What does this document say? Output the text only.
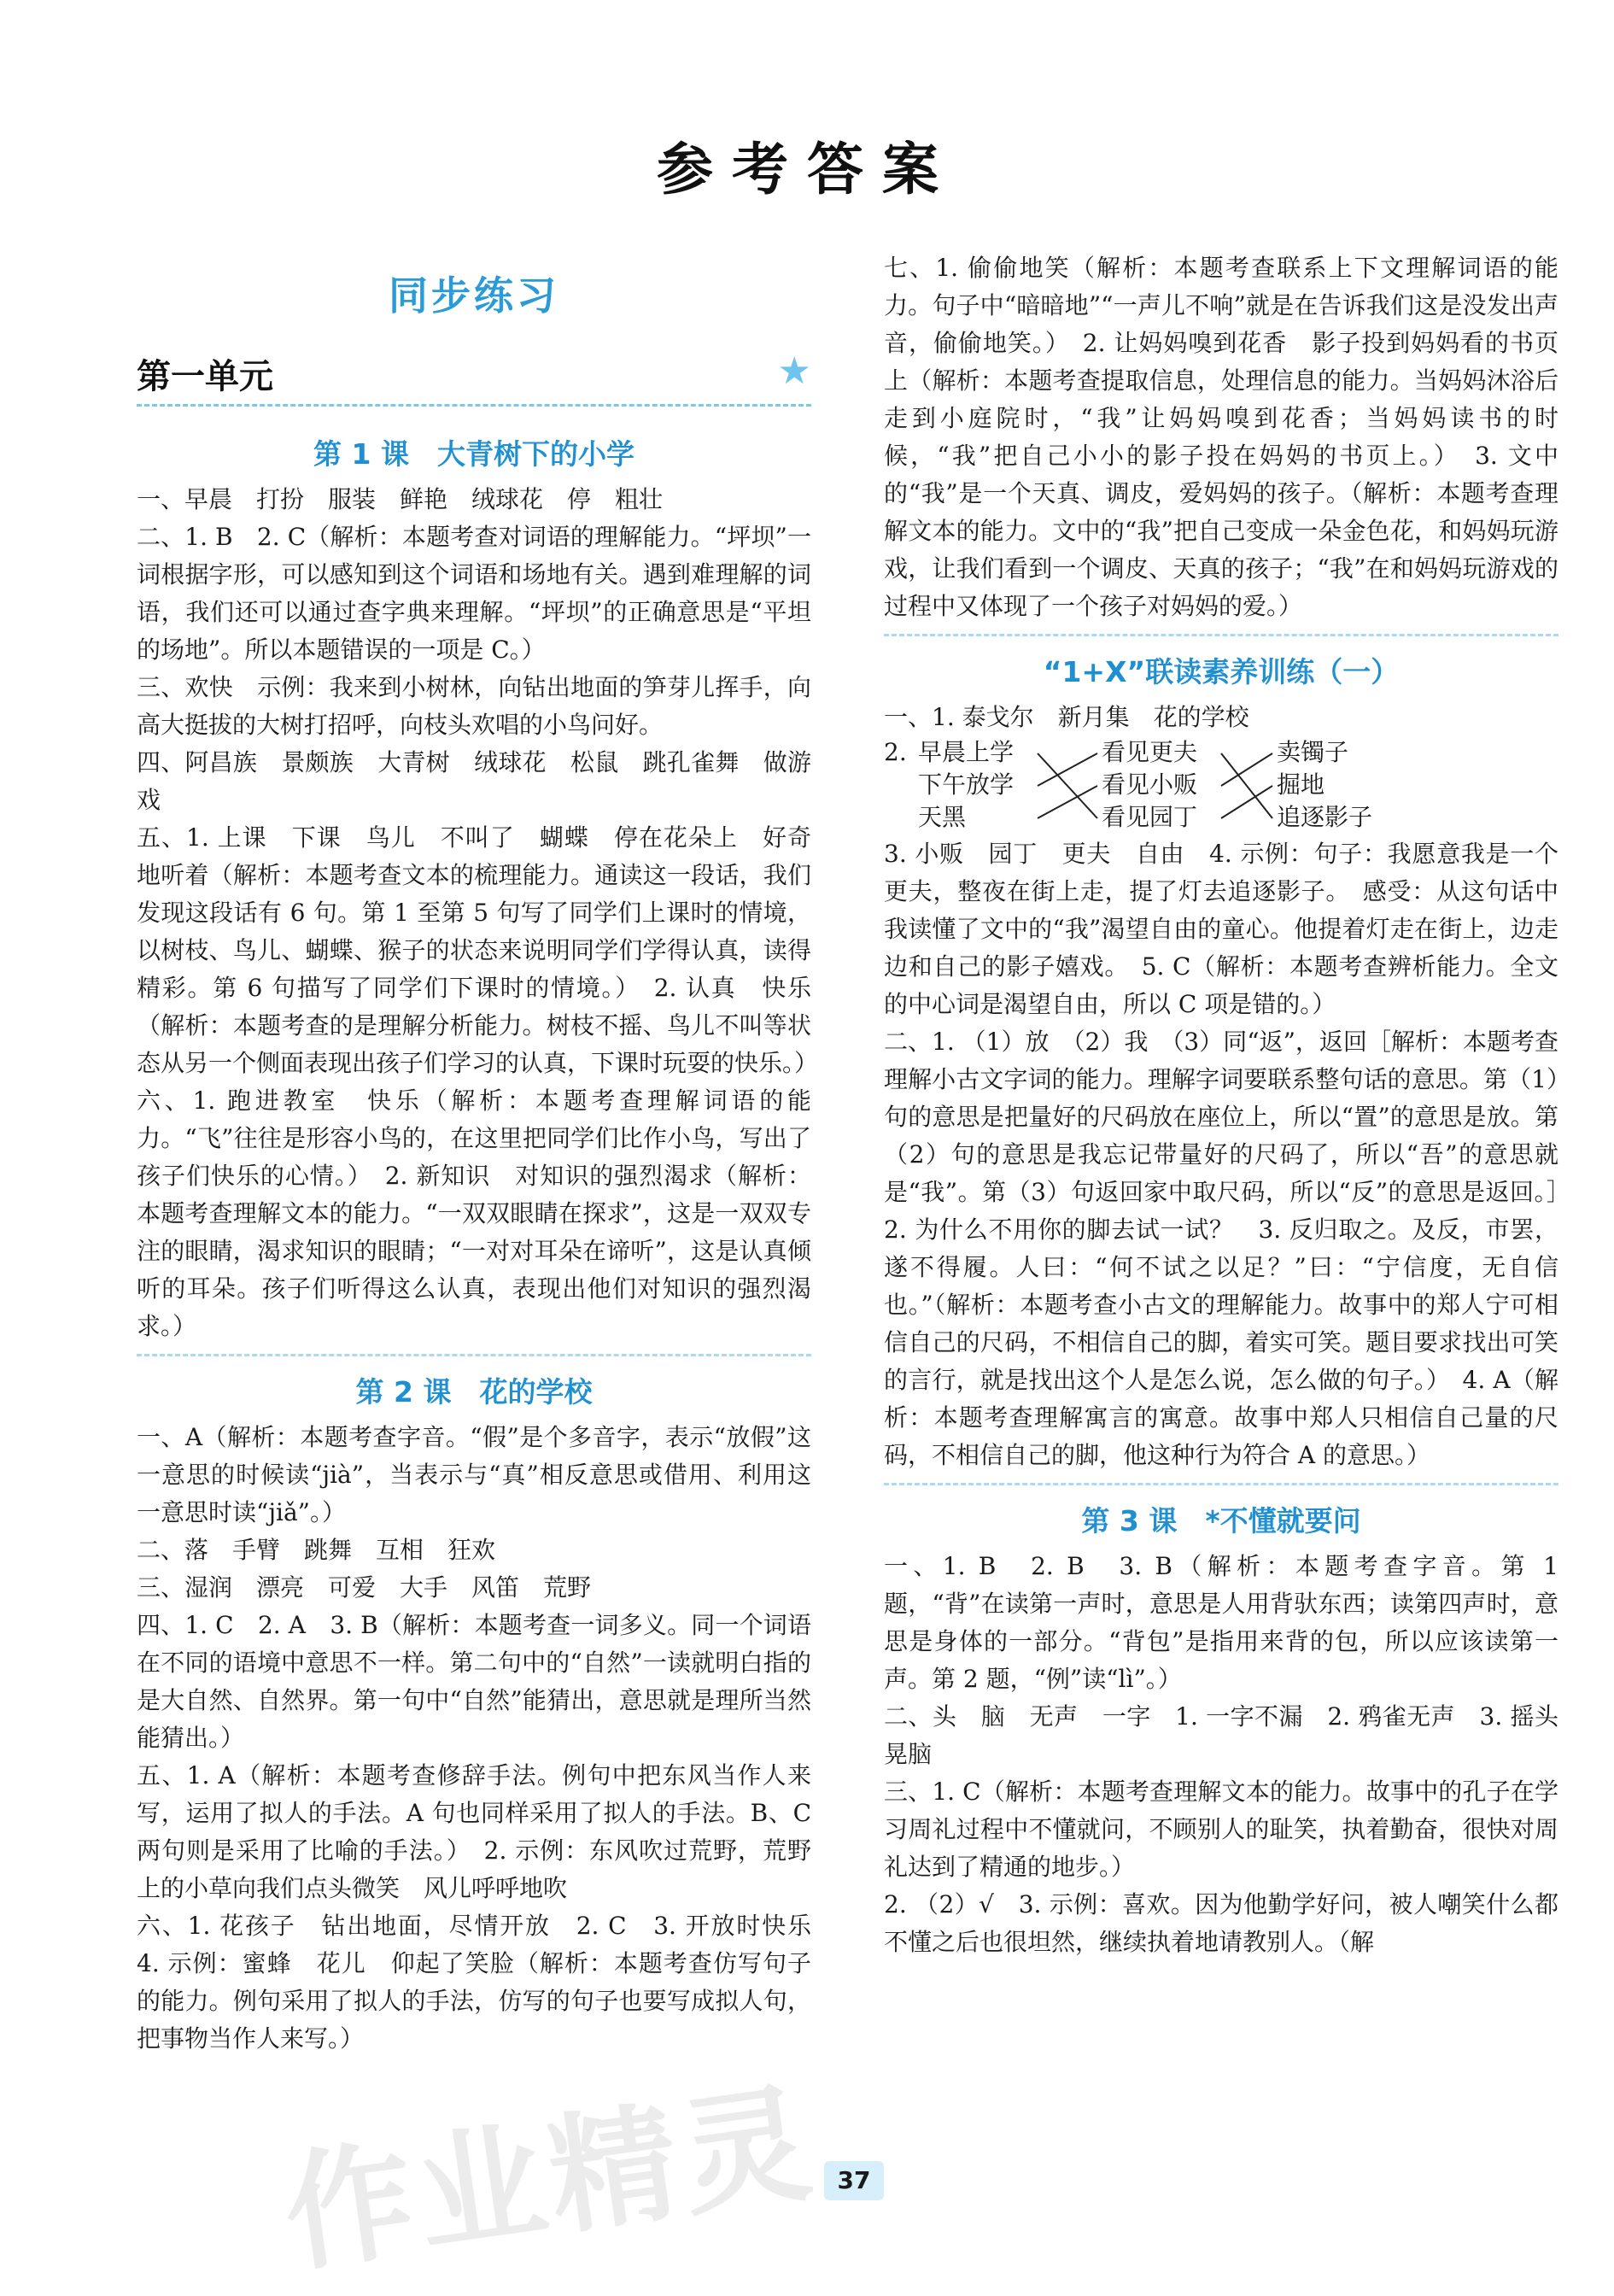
参考答案
同步练习
第一单元	★
第 1 课　大青树下的小学

一、早晨　打扮　服装　鲜艳　绒球花　停　粗壮

二、1. B　2. C（解析：本题考查对词语的理解能力。“坪坝”一词根据字形，可以感知到这个词语和场地有关。遇到难理解的词语，我们还可以通过查字典来理解。“坪坝”的正确意思是“平坦的场地”。所以本题错误的一项是 C。）

三、欢快　示例：我来到小树林，向钻出地面的笋芽儿挥手，向高大挺拔的大树打招呼，向枝头欢唱的小鸟问好。

四、阿昌族　景颇族　大青树　绒球花　松鼠　跳孔雀舞　做游戏

五、1. 上课　下课　鸟儿　不叫了　蝴蝶　停在花朵上　好奇地听着（解析：本题考查文本的梳理能力。通读这一段话，我们发现这段话有 6 句。第 1 至第 5 句写了同学们上课时的情境，以树枝、鸟儿、蝴蝶、猴子的状态来说明同学们学得认真，读得精彩。第 6 句描写了同学们下课时的情境。）　2. 认真　快乐（解析：本题考查的是理解分析能力。树枝不摇、鸟儿不叫等状态从另一个侧面表现出孩子们学习的认真，下课时玩耍的快乐。）

六、1. 跑进教室　快乐（解析：本题考查理解词语的能力。“飞”往往是形容小鸟的，在这里把同学们比作小鸟，写出了孩子们快乐的心情。）　2. 新知识　对知识的强烈渴求（解析：本题考查理解文本的能力。“一双双眼睛在探求”，这是一双双专注的眼睛，渴求知识的眼睛；“一对对耳朵在谛听”，这是认真倾听的耳朵。孩子们听得这么认真，表现出他们对知识的强烈渴求。）

第 2 课　花的学校

一、A（解析：本题考查字音。“假”是个多音字，表示“放假”这一意思的时候读“jià”，当表示与“真”相反意思或借用、利用这一意思时读“jiǎ”。）

二、落　手臂　跳舞　互相　狂欢

三、湿润　漂亮　可爱　大手　风笛　荒野

四、1. C　2. A　3. B（解析：本题考查一词多义。同一个词语在不同的语境中意思不一样。第二句中的“自然”一读就明白指的是大自然、自然界。第一句中“自然”能猜出，意思就是理所当然能猜出。）

五、1. A（解析：本题考查修辞手法。例句中把东风当作人来写，运用了拟人的手法。A 句也同样采用了拟人的手法。B、C 两句则是采用了比喻的手法。）　2. 示例：东风吹过荒野，荒野上的小草向我们点头微笑　风儿呼呼地吹

六、1. 花孩子　钻出地面，尽情开放　2. C　3. 开放时快乐　4. 示例：蜜蜂　花儿　仰起了笑脸（解析：本题考查仿写句子的能力。例句采用了拟人的手法，仿写的句子也要写成拟人句，把事物当作人来写。）

七、1. 偷偷地笑（解析：本题考查联系上下文理解词语的能力。句子中“暗暗地”“一声儿不响”就是在告诉我们这是没发出声音，偷偷地笑。）　2. 让妈妈嗅到花香　影子投到妈妈看的书页上（解析：本题考查提取信息，处理信息的能力。当妈妈沐浴后走到小庭院时，“我”让妈妈嗅到花香；当妈妈读书的时候，“我”把自己小小的影子投在妈妈的书页上。）　3. 文中的“我”是一个天真、调皮，爱妈妈的孩子。（解析：本题考查理解文本的能力。文中的“我”把自己变成一朵金色花，和妈妈玩游戏，让我们看到一个调皮、天真的孩子；“我”在和妈妈玩游戏的过程中又体现了一个孩子对妈妈的爱。）

“1+X”联读素养训练（一）

一、1. 泰戈尔　新月集　花的学校

2. 早晨上学
下午放学
天黑
看见更夫
看见小贩
看见园丁
卖镯子
掘地
追逐影子

3. 小贩　园丁　更夫　自由　4. 示例：句子：我愿意我是一个更夫，整夜在街上走，提了灯去追逐影子。　感受：从这句话中我读懂了文中的“我”渴望自由的童心。他提着灯走在街上，边走边和自己的影子嬉戏。　5. C（解析：本题考查辨析能力。全文的中心词是渴望自由，所以 C 项是错的。）

二、1. （1）放　（2）我　（3）同“返”，返回［解析：本题考查理解小古文字词的能力。理解字词要联系整句话的意思。第（1）句的意思是把量好的尺码放在座位上，所以“置”的意思是放。第（2）句的意思是我忘记带量好的尺码了，所以“吾”的意思就是“我”。第（3）句返回家中取尺码，所以“反”的意思是返回。］　2. 为什么不用你的脚去试一试？　3. 反归取之。及反，市罢，遂不得履。人曰：“何不试之以足？”曰：“宁信度，无自信也。”（解析：本题考查小古文的理解能力。故事中的郑人宁可相信自己的尺码，不相信自己的脚，着实可笑。题目要求找出可笑的言行，就是找出这个人是怎么说，怎么做的句子。）　4. A（解析：本题考查理解寓言的寓意。故事中郑人只相信自己量的尺码，不相信自己的脚，他这种行为符合 A 的意思。）

第 3 课　*不懂就要问

一、1. B　2. B　3. B（解析：本题考查字音。第 1 题，“背”在读第一声时，意思是人用背驮东西；读第四声时，意思是身体的一部分。“背包”是指用来背的包，所以应该读第一声。第 2 题，“例”读“lì”。）

二、头　脑　无声　一字　1. 一字不漏　2. 鸦雀无声　3. 摇头晃脑

三、1. C（解析：本题考查理解文本的能力。故事中的孔子在学习周礼过程中不懂就问，不顾别人的耻笑，执着勤奋，很快对周礼达到了精通的地步。）

2. （2）√　3. 示例：喜欢。因为他勤学好问，被人嘲笑什么都不懂之后也很坦然，继续执着地请教别人。（解

作业精灵 37
